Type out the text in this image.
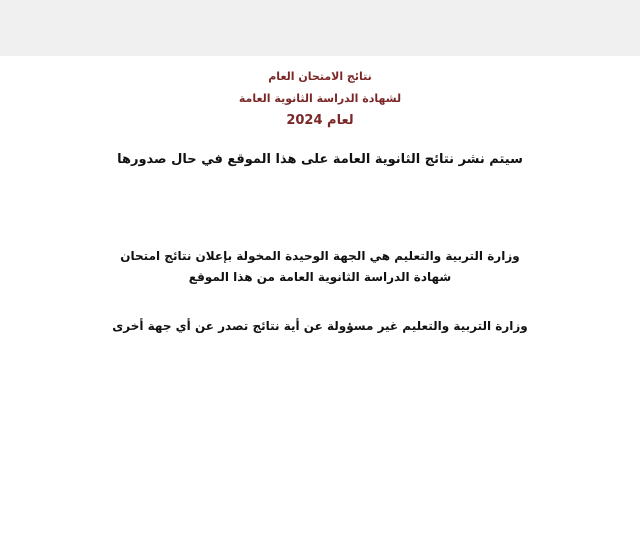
نتائج الامتحان العام
لشهادة الدراسة الثانوية العامة
لعام 2024
سيتم نشر نتائج الثانوية العامة على هذا الموقع في حال صدورها
وزارة التربية والتعليم هي الجهة الوحيدة المخولة بإعلان نتائج امتحان
شهادة الدراسة الثانوية العامة من هذا الموقع
وزارة التربية والتعليم غير مسؤولة عن أية نتائج تصدر عن أي جهة أخرى
